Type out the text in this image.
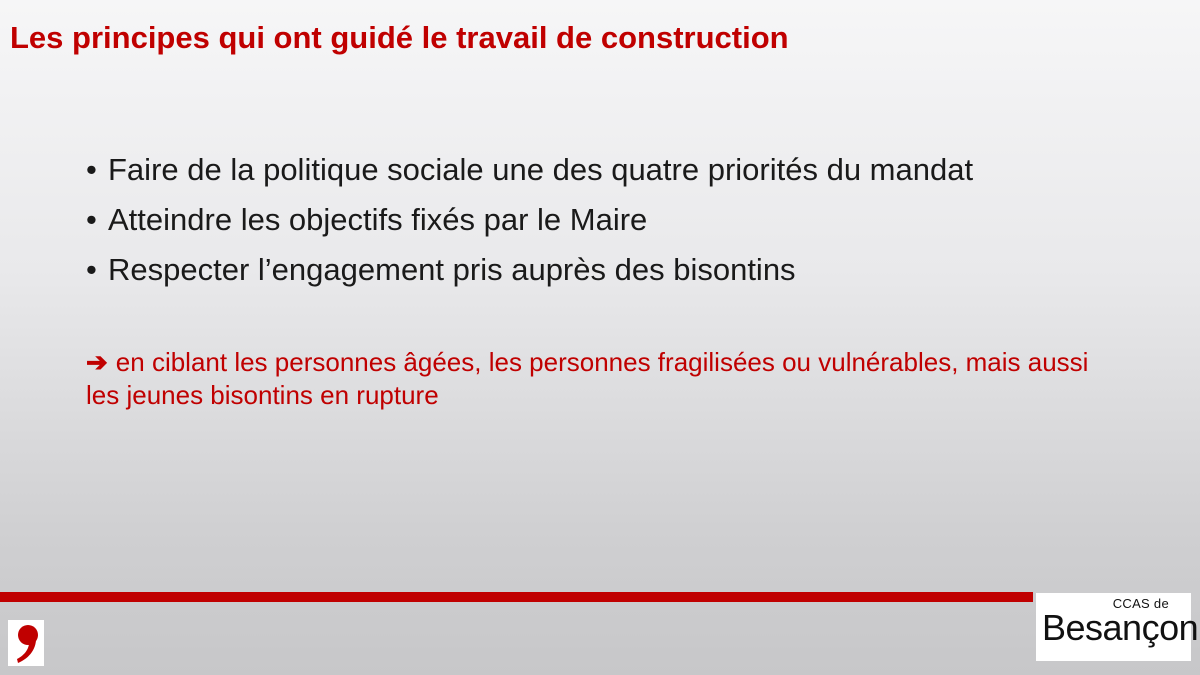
Les principes qui ont guidé le travail de construction
• Faire de la politique sociale une des quatre priorités du mandat
• Atteindre les objectifs fixés par le Maire
• Respecter l’engagement pris auprès des bisontins
➔ en ciblant les personnes âgées, les personnes fragilisées ou vulnérables, mais aussi les jeunes bisontins en rupture
CCAS de
Besançon
